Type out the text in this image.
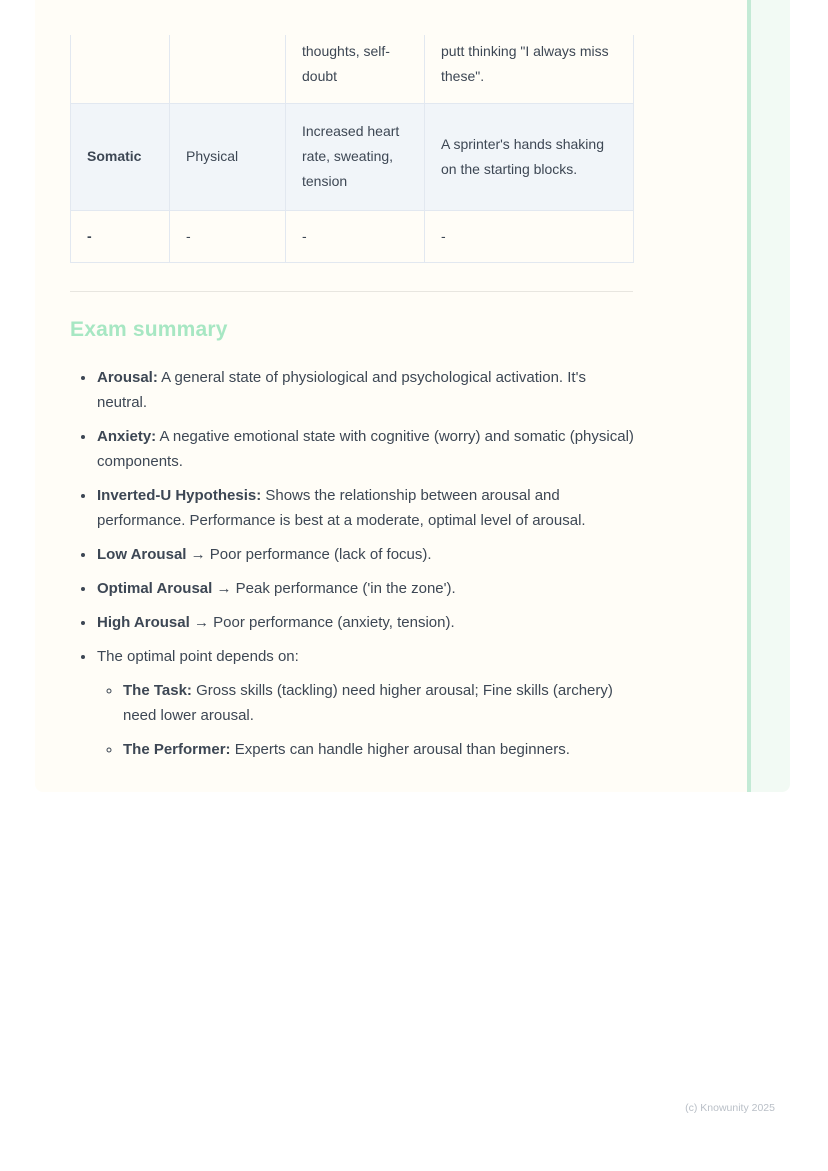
		thoughts, self-doubt	putt thinking "I always miss these".
Somatic	Physical	Increased heart rate, sweating, tension	A sprinter's hands shaking on the starting blocks.
-	-	-	-
Exam summary
• Arousal: A general state of physiological and psychological activation. It's neutral.
• Anxiety: A negative emotional state with cognitive (worry) and somatic (physical) components.
• Inverted-U Hypothesis: Shows the relationship between arousal and performance. Performance is best at a moderate, optimal level of arousal.
• Low Arousal → Poor performance (lack of focus).
• Optimal Arousal → Peak performance ('in the zone').
• High Arousal → Poor performance (anxiety, tension).
• The optimal point depends on:
◦ The Task: Gross skills (tackling) need higher arousal; Fine skills (archery) need lower arousal.
◦ The Performer: Experts can handle higher arousal than beginners.
(c) Knowunity 2025
